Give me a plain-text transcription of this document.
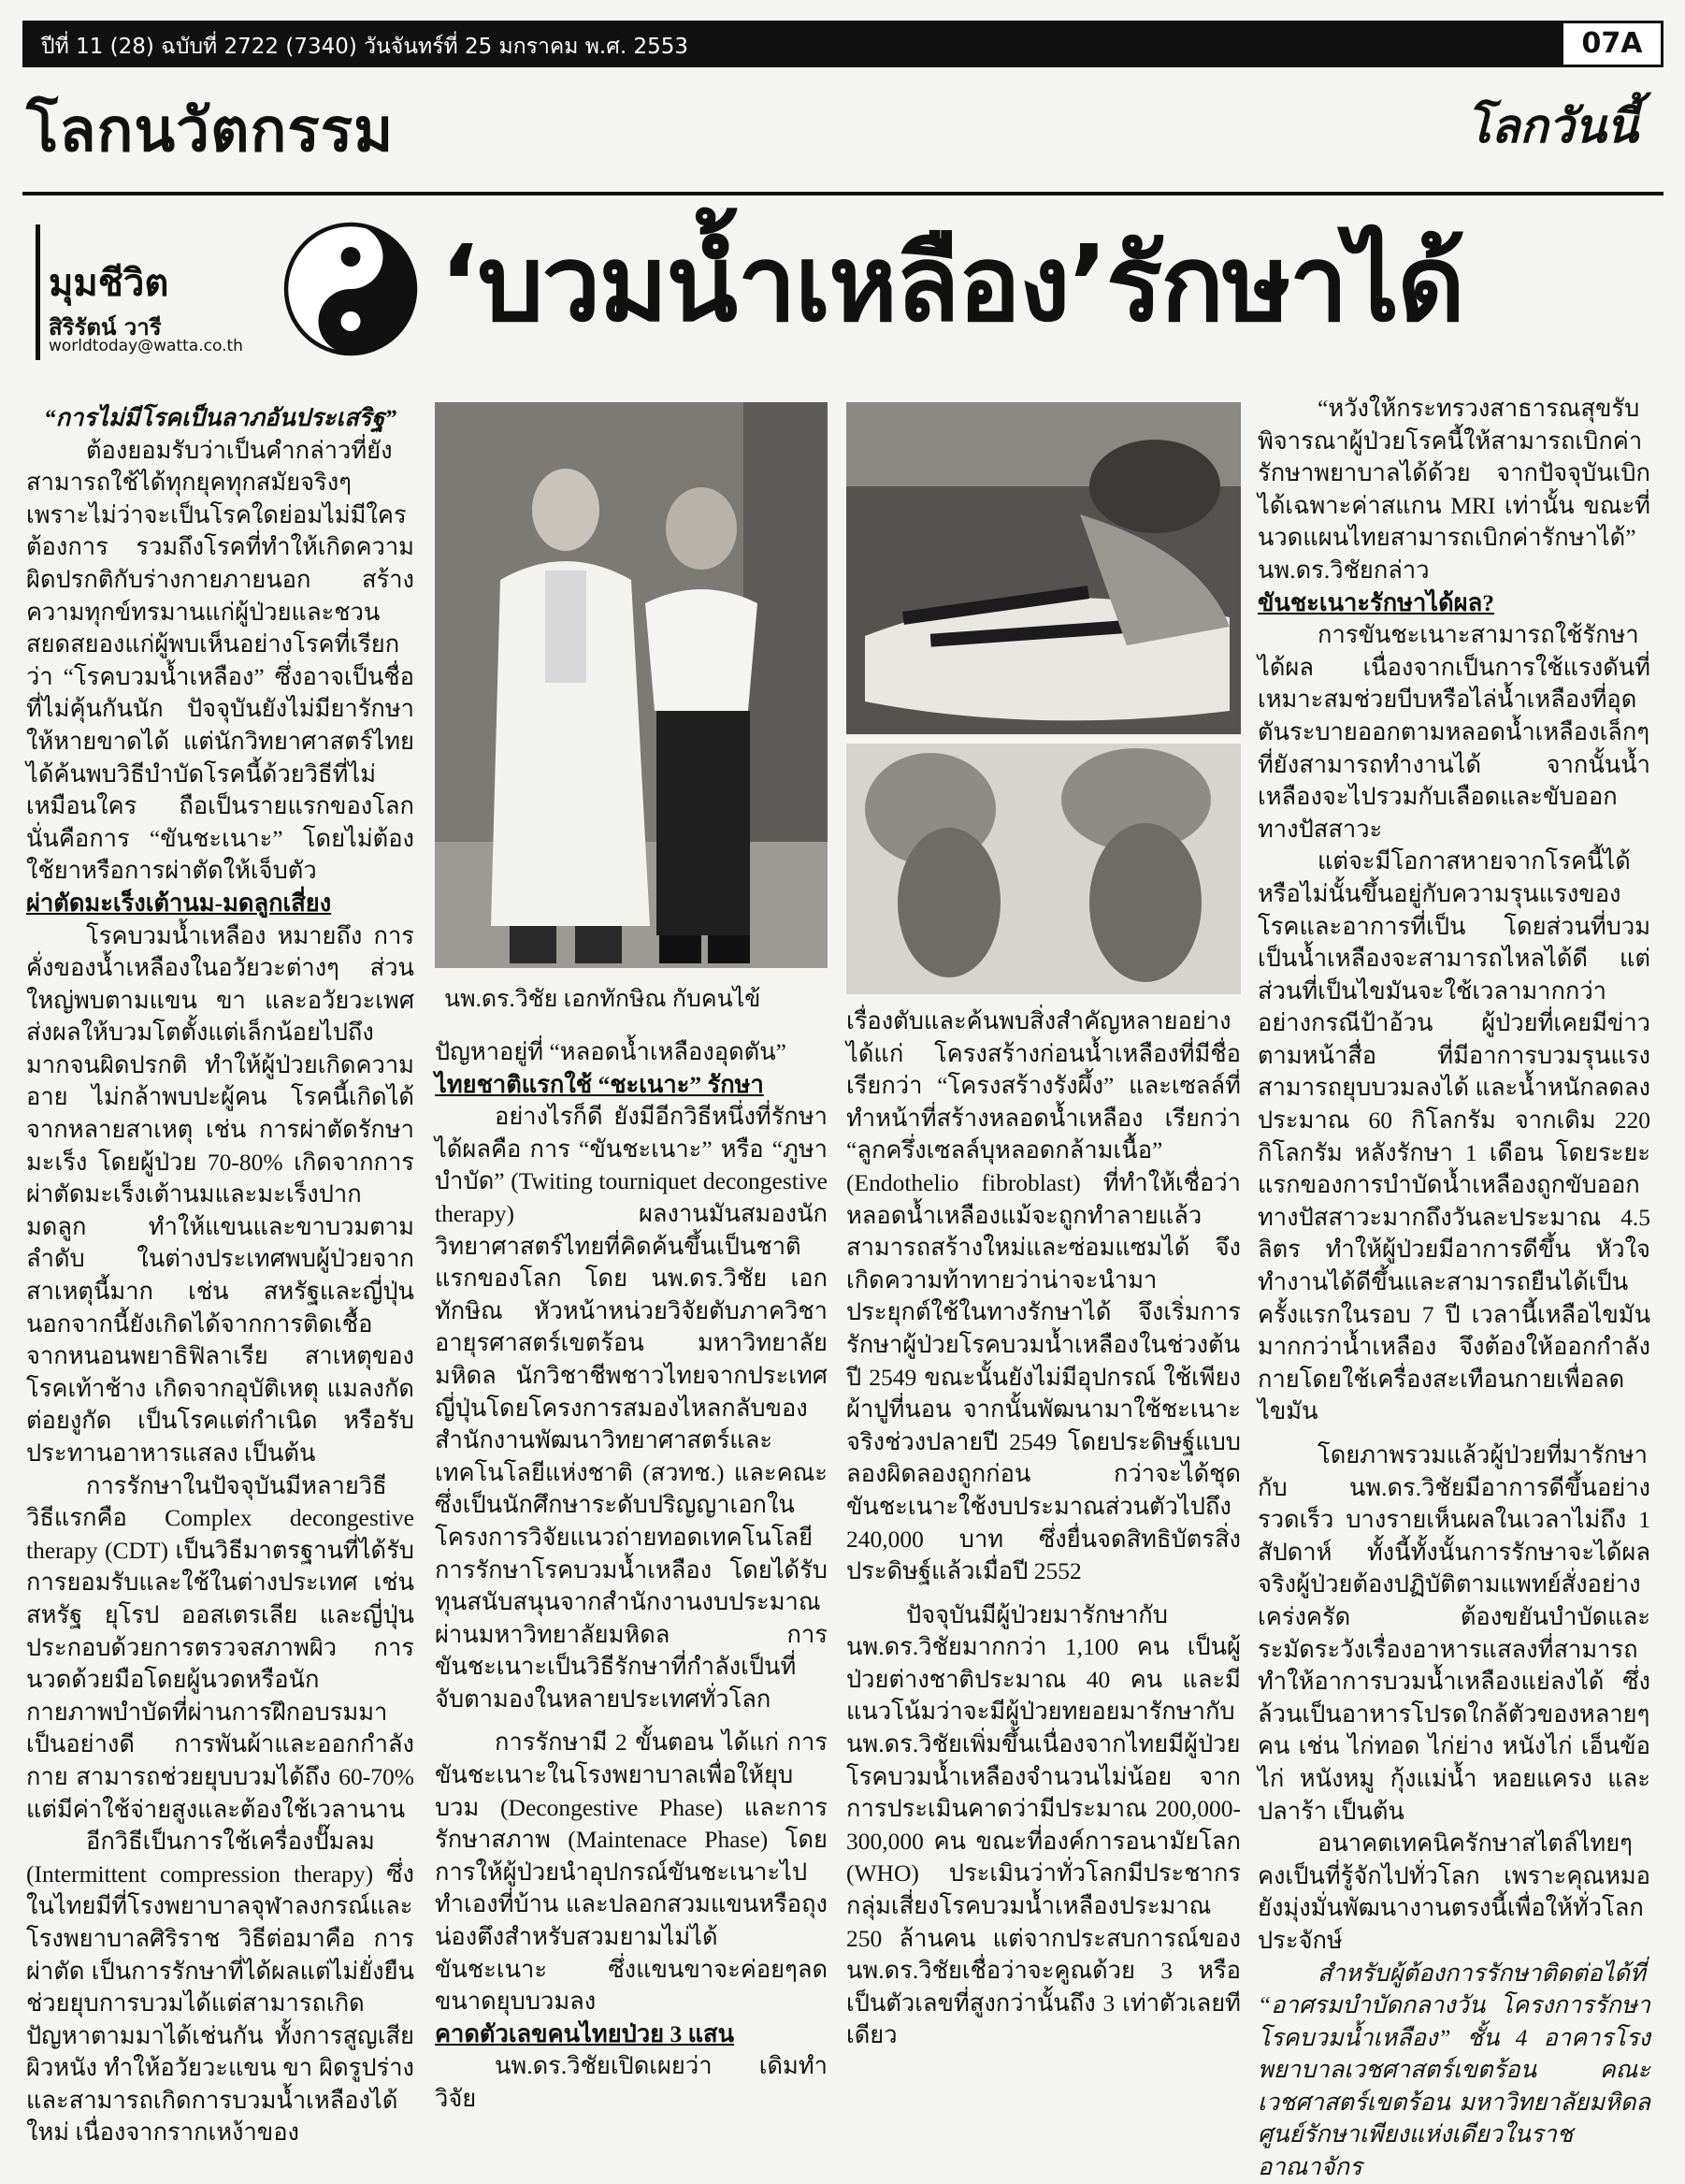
ปีที่ 11 (28) ฉบับที่ 2722 (7340) วันจันทร์ที่ 25 มกราคม พ.ศ. 2553	07A
โลกนวัตกรรม	โลกวันนี้
มุมชีวิต
สิริรัตน์ วารี
worldtoday@watta.co.th
‘บวมน้ำเหลือง’รักษาได้

“การไม่มีโรคเป็นลาภอันประเสริฐ”

ต้องยอมรับว่าเป็นคำกล่าวที่ยังสามารถใช้ได้ทุกยุคทุกสมัยจริงๆ เพราะไม่ว่าจะเป็นโรคใดย่อมไม่มีใครต้องการ รวมถึงโรคที่ทำให้เกิดความผิดปรกติกับร่างกายภายนอก สร้างความทุกข์ทรมานแก่ผู้ป่วยและชวนสยดสยองแก่ผู้พบเห็นอย่างโรคที่เรียกว่า “โรคบวมน้ำเหลือง” ซึ่งอาจเป็นชื่อที่ไม่คุ้นกันนัก ปัจจุบันยังไม่มียารักษาให้หายขาดได้ แต่นักวิทยาศาสตร์ไทยได้ค้นพบวิธีบำบัดโรคนี้ด้วยวิธีที่ไม่เหมือนใคร ถือเป็นรายแรกของโลก นั่นคือการ “ขันชะเนาะ” โดยไม่ต้องใช้ยาหรือการผ่าตัดให้เจ็บตัว

ผ่าตัดมะเร็งเต้านม-มดลูกเสี่ยง

โรคบวมน้ำเหลือง หมายถึง การคั่งของน้ำเหลืองในอวัยวะต่างๆ ส่วนใหญ่พบตามแขน ขา และอวัยวะเพศ ส่งผลให้บวมโตตั้งแต่เล็กน้อยไปถึงมากจนผิดปรกติ ทำให้ผู้ป่วยเกิดความอาย ไม่กล้าพบปะผู้คน โรคนี้เกิดได้จากหลายสาเหตุ เช่น การผ่าตัดรักษามะเร็ง โดยผู้ป่วย 70-80% เกิดจากการผ่าตัดมะเร็งเต้านมและมะเร็งปากมดลูก ทำให้แขนและขาบวมตามลำดับ ในต่างประเทศพบผู้ป่วยจากสาเหตุนี้มาก เช่น สหรัฐและญี่ปุ่น นอกจากนี้ยังเกิดได้จากการติดเชื้อจากหนอนพยาธิฟิลาเรีย สาเหตุของโรคเท้าช้าง เกิดจากอุบัติเหตุ แมลงกัดต่อยงูกัด เป็นโรคแต่กำเนิด หรือรับประทานอาหารแสลง เป็นต้น

การรักษาในปัจจุบันมีหลายวิธี วิธีแรกคือ Complex decongestive therapy (CDT) เป็นวิธีมาตรฐานที่ได้รับการยอมรับและใช้ในต่างประเทศ เช่น สหรัฐ ยุโรป ออสเตรเลีย และญี่ปุ่น ประกอบด้วยการตรวจสภาพผิว การนวดด้วยมือโดยผู้นวดหรือนักกายภาพบำบัดที่ผ่านการฝึกอบรมมาเป็นอย่างดี การพันผ้าและออกกำลังกาย สามารถช่วยยุบบวมได้ถึง 60-70% แต่มีค่าใช้จ่ายสูงและต้องใช้เวลานาน

อีกวิธีเป็นการใช้เครื่องปั๊มลม (Intermittent compression therapy) ซึ่งในไทยมีที่โรงพยาบาลจุฬาลงกรณ์และโรงพยาบาลศิริราช วิธีต่อมาคือ การผ่าตัด เป็นการรักษาที่ได้ผลแต่ไม่ยั่งยืน ช่วยยุบการบวมได้แต่สามารถเกิดปัญหาตามมาได้เช่นกัน ทั้งการสูญเสียผิวหนัง ทำให้อวัยวะแขน ขา ผิดรูปร่าง และสามารถเกิดการบวมน้ำเหลืองได้ใหม่ เนื่องจากรากเหง้าของ

นพ.ดร.วิชัย เอกทักษิณ กับคนไข้

ปัญหาอยู่ที่ “หลอดน้ำเหลืองอุดตัน”

ไทยชาติแรกใช้ “ชะเนาะ” รักษา

อย่างไรก็ดี ยังมีอีกวิธีหนึ่งที่รักษาได้ผลคือ การ “ขันชะเนาะ” หรือ “ภูษาบำบัด” (Twiting tourniquet decongestive therapy) ผลงานมันสมองนักวิทยาศาสตร์ไทยที่คิดค้นขึ้นเป็นชาติแรกของโลก โดย นพ.ดร.วิชัย เอกทักษิณ หัวหน้าหน่วยวิจัยตับภาควิชาอายุรศาสตร์เขตร้อน มหาวิทยาลัยมหิดล นักวิชาชีพชาวไทยจากประเทศญี่ปุ่นโดยโครงการสมองไหลกลับของสำนักงานพัฒนาวิทยาศาสตร์และเทคโนโลยีแห่งชาติ (สวทช.) และคณะ ซึ่งเป็นนักศึกษาระดับปริญญาเอกในโครงการวิจัยแนวถ่ายทอดเทคโนโลยีการรักษาโรคบวมน้ำเหลือง โดยได้รับทุนสนับสนุนจากสำนักงานงบประมาณผ่านมหาวิทยาลัยมหิดล การขันชะเนาะเป็นวิธีรักษาที่กำลังเป็นที่จับตามองในหลายประเทศทั่วโลก

การรักษามี 2 ขั้นตอน ได้แก่ การขันชะเนาะในโรงพยาบาลเพื่อให้ยุบบวม (Decongestive Phase) และการรักษาสภาพ (Maintenace Phase) โดยการให้ผู้ป่วยนำอุปกรณ์ขันชะเนาะไปทำเองที่บ้าน และปลอกสวมแขนหรือถุงน่องตึงสำหรับสวมยามไม่ได้ขันชะเนาะ ซึ่งแขนขาจะค่อยๆลดขนาดยุบบวมลง

คาดตัวเลขคนไทยป่วย 3 แสน

นพ.ดร.วิชัยเปิดเผยว่า เดิมทำวิจัย

เรื่องตับและค้นพบสิ่งสำคัญหลายอย่างได้แก่ โครงสร้างก่อนน้ำเหลืองที่มีชื่อเรียกว่า “โครงสร้างรังผึ้ง” และเซลล์ที่ทำหน้าที่สร้างหลอดน้ำเหลือง เรียกว่า “ลูกครึ่งเซลล์บุหลอดกล้ามเนื้อ” (Endothelio fibroblast) ที่ทำให้เชื่อว่าหลอดน้ำเหลืองแม้จะถูกทำลายแล้วสามารถสร้างใหม่และซ่อมแซมได้ จึงเกิดความท้าทายว่าน่าจะนำมาประยุกต์ใช้ในทางรักษาได้ จึงเริ่มการรักษาผู้ป่วยโรคบวมน้ำเหลืองในช่วงต้นปี 2549 ขณะนั้นยังไม่มีอุปกรณ์ ใช้เพียงผ้าปูที่นอน จากนั้นพัฒนามาใช้ชะเนาะจริงช่วงปลายปี 2549 โดยประดิษฐ์แบบลองผิดลองถูกก่อน กว่าจะได้ชุดขันชะเนาะใช้งบประมาณส่วนตัวไปถึง 240,000 บาท ซึ่งยื่นจดสิทธิบัตรสิ่งประดิษฐ์แล้วเมื่อปี 2552

ปัจจุบันมีผู้ป่วยมารักษากับ นพ.ดร.วิชัยมากกว่า 1,100 คน เป็นผู้ป่วยต่างชาติประมาณ 40 คน และมีแนวโน้มว่าจะมีผู้ป่วยทยอยมารักษากับ นพ.ดร.วิชัยเพิ่มขึ้นเนื่องจากไทยมีผู้ป่วยโรคบวมน้ำเหลืองจำนวนไม่น้อย จากการประเมินคาดว่ามีประมาณ 200,000-300,000 คน ขณะที่องค์การอนามัยโลก (WHO) ประเมินว่าทั่วโลกมีประชากรกลุ่มเสี่ยงโรคบวมน้ำเหลืองประมาณ 250 ล้านคน แต่จากประสบการณ์ของ นพ.ดร.วิชัยเชื่อว่าจะคูณด้วย 3 หรือเป็นตัวเลขที่สูงกว่านั้นถึง 3 เท่าตัวเลยทีเดียว

“หวังให้กระทรวงสาธารณสุขรับพิจารณาผู้ป่วยโรคนี้ให้สามารถเบิกค่ารักษาพยาบาลได้ด้วย จากปัจจุบันเบิกได้เฉพาะค่าสแกน MRI เท่านั้น ขณะที่นวดแผนไทยสามารถเบิกค่ารักษาได้” นพ.ดร.วิชัยกล่าว

ขันชะเนาะรักษาได้ผล?

การขันชะเนาะสามารถใช้รักษาได้ผล เนื่องจากเป็นการใช้แรงดันที่เหมาะสมช่วยบีบหรือไล่น้ำเหลืองที่อุดตันระบายออกตามหลอดน้ำเหลืองเล็กๆที่ยังสามารถทำงานได้ จากนั้นน้ำเหลืองจะไปรวมกับเลือดและขับออกทางปัสสาวะ

แต่จะมีโอกาสหายจากโรคนี้ได้หรือไม่นั้นขึ้นอยู่กับความรุนแรงของโรคและอาการที่เป็น โดยส่วนที่บวมเป็นน้ำเหลืองจะสามารถไหลได้ดี แต่ส่วนที่เป็นไขมันจะใช้เวลามากกว่า อย่างกรณีป้าอ้วน ผู้ป่วยที่เคยมีข่าวตามหน้าสื่อ ที่มีอาการบวมรุนแรงสามารถยุบบวมลงได้ และน้ำหนักลดลงประมาณ 60 กิโลกรัม จากเดิม 220 กิโลกรัม หลังรักษา 1 เดือน โดยระยะแรกของการบำบัดน้ำเหลืองถูกขับออกทางปัสสาวะมากถึงวันละประมาณ 4.5 ลิตร ทำให้ผู้ป่วยมีอาการดีขึ้น หัวใจทำงานได้ดีขึ้นและสามารถยืนได้เป็นครั้งแรกในรอบ 7 ปี เวลานี้เหลือไขมันมากกว่าน้ำเหลือง จึงต้องให้ออกกำลังกายโดยใช้เครื่องสะเทือนกายเพื่อลดไขมัน

โดยภาพรวมแล้วผู้ป่วยที่มารักษากับ นพ.ดร.วิชัยมีอาการดีขึ้นอย่างรวดเร็ว บางรายเห็นผลในเวลาไม่ถึง 1 สัปดาห์ ทั้งนี้ทั้งนั้นการรักษาจะได้ผลจริงผู้ป่วยต้องปฏิบัติตามแพทย์สั่งอย่างเคร่งครัด ต้องขยันบำบัดและระมัดระวังเรื่องอาหารแสลงที่สามารถทำให้อาการบวมน้ำเหลืองแย่ลงได้ ซึ่งล้วนเป็นอาหารโปรดใกล้ตัวของหลายๆคน เช่น ไก่ทอด ไก่ย่าง หนังไก่ เอ็นข้อไก่ หนังหมู กุ้งแม่น้ำ หอยแครง และปลาร้า เป็นต้น

อนาคตเทคนิครักษาสไตล์ไทยๆคงเป็นที่รู้จักไปทั่วโลก เพราะคุณหมอยังมุ่งมั่นพัฒนางานตรงนี้เพื่อให้ทั่วโลกประจักษ์

สำหรับผู้ต้องการรักษาติดต่อได้ที่ “อาศรมบำบัดกลางวัน โครงการรักษาโรคบวมน้ำเหลือง” ชั้น 4 อาคารโรงพยาบาลเวชศาสตร์เขตร้อน คณะเวชศาสตร์เขตร้อน มหาวิทยาลัยมหิดล ศูนย์รักษาเพียงแห่งเดียวในราชอาณาจักร
